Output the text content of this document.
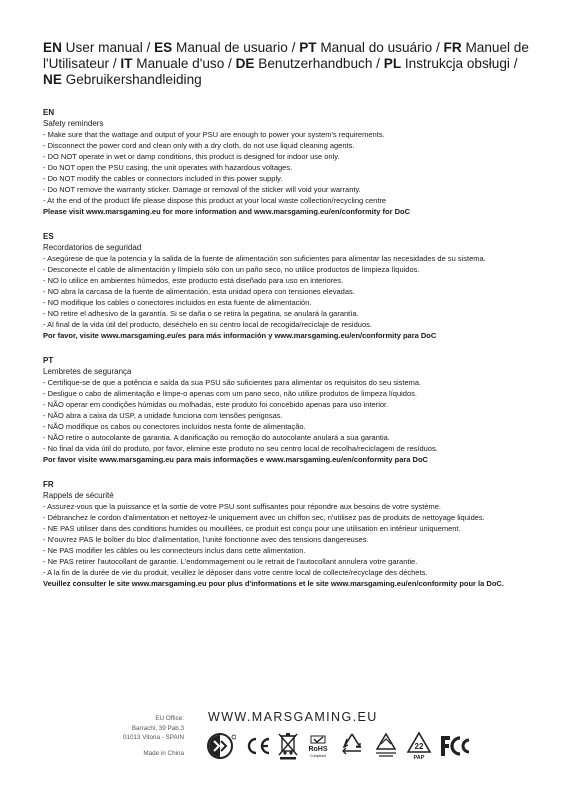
EN User manual / ES Manual de usuario / PT Manual do usuário / FR Manuel de l'Utilisateur / IT Manuale d'uso / DE Benutzerhandbuch / PL Instrukcja obsługi / NE Gebruikershandleiding
EN
Safety reminders
- Make sure that the wattage and output of your PSU are enough to power your system's requirements.
- Disconnect the power cord and clean only with a dry cloth, do not use liquid cleaning agents.
- DO NOT operate in wet or damp conditions, this product is designed for indoor use only.
- Do NOT open the PSU casing, the unit operates with hazardous voltages.
- Do NOT modify the cables or connectors included in this power supply.
- Do NOT remove the warranty sticker. Damage or removal of the sticker will void your warranty.
- At the end of the product life please dispose this product at your local waste collection/recycling centre
Please visit www.marsgaming.eu for more information and www.marsgaming.eu/en/conformity for DoC
ES
Recordatorios de seguridad
- Asegúrese de que la potencia y la salida de la fuente de alimentación son suficientes para alimentar las necesidades de su sistema.
- Desconecte el cable de alimentación y límpielo sólo con un paño seco, no utilice productos de limpieza líquidos.
- NO lo utilice en ambientes húmedos, este producto está diseñado para uso en interiores.
- NO abra la carcasa de la fuente de alimentación, esta unidad opera con tensiones elevadas.
- NO modifique los cables o conectores incluidos en esta fuente de alimentación.
- NO retire el adhesivo de la garantía. Si se daña o se retira la pegatina, se anulará la garantía.
- Al final de la vida útil del producto, deséchelo en su centro local de recogida/reciclaje de residuos.
Por favor, visite www.marsgaming.eu/es para más información y www.marsgaming.eu/en/conformity para DoC
PT
Lembretes de segurança
- Certifique-se de que a potência e saída da sua PSU são suficientes para alimentar os requisitos do seu sistema.
- Desligue o cabo de alimentação e limpe-o apenas com um pano seco, não utilize produtos de limpeza líquidos.
- NÃO operar em condições húmidas ou molhadas, este produto foi concebido apenas para uso interior.
- NÃO abra a caixa da USP, a unidade funciona com tensões perigosas.
- NÃO modifique os cabos ou conectores incluídos nesta fonte de alimentação.
- NÃO retire o autocolante de garantia. A danificação ou remoção do autocolante anulará a sua garantia.
- No final da vida útil do produto, por favor, elimine este produto no seu centro local de recolha/reciclagem de resíduos.
Por favor visite www.marsgaming.eu para mais informações e www.marsgaming.eu/en/conformity para DoC
FR
Rappels de sécurité
- Assurez-vous que la puissance et la sortie de votre PSU sont suffisantes pour répondre aux besoins de votre système.
- Débranchez le cordon d'alimentation et nettoyez-le uniquement avec un chiffon sec, n'utilisez pas de produits de nettoyage liquides.
- NE PAS utiliser dans des conditions humides ou mouillées, ce produit est conçu pour une utilisation en intérieur uniquement.
- N'ouvrez PAS le boîtier du bloc d'alimentation, l'unité fonctionne avec des tensions dangereuses.
- Ne PAS modifier les câbles ou les connecteurs inclus dans cette alimentation.
- Ne PAS retirer l'autocollant de garantie. L'endommagement ou le retrait de l'autocollant annulera votre garantie.
- A la fin de la durée de vie du produit, veuillez le déposer dans votre centre local de collecte/recyclage des déchets.
Veuillez consulter le site www.marsgaming.eu pour plus d'informations et le site www.marsgaming.eu/en/conformity pour la DoC.
EU Office:
Barrachi, 39 Pab.3
01013 Vitoria - SPAIN
Made in China
WWW.MARSGAMING.EU
RoHS
Compliant
22
PAP
